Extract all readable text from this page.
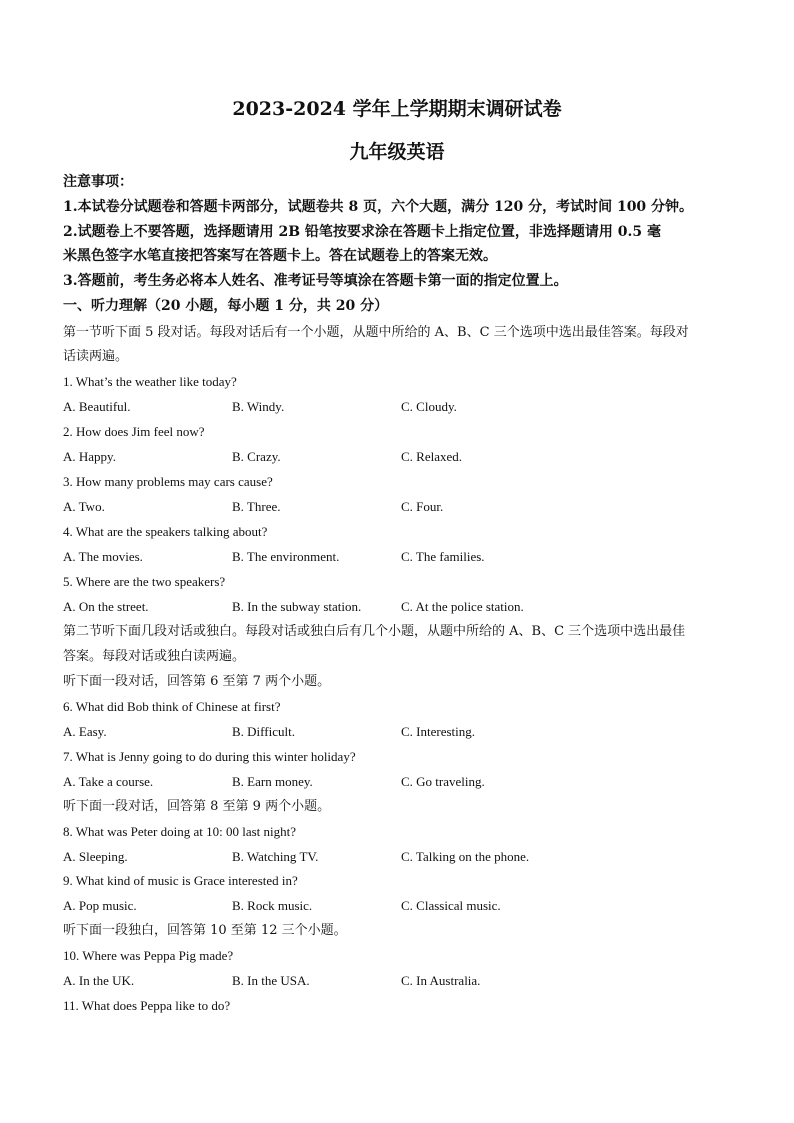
2023-2024 学年上学期期末调研试卷
九年级英语
注意事项：
1.本试卷分试题卷和答题卡两部分，试题卷共 8 页，六个大题，满分 120 分，考试时间 100 分钟。
2.试题卷上不要答题，选择题请用 2B 铅笔按要求涂在答题卡上指定位置，非选择题请用 0.5 毫
米黑色签字水笔直接把答案写在答题卡上。答在试题卷上的答案无效。
3.答题前，考生务必将本人姓名、准考证号等填涂在答题卡第一面的指定位置上。
一、听力理解（20 小题，每小题 1 分，共 20 分）
第一节听下面 5 段对话。每段对话后有一个小题，从题中所给的 A、B、C 三个选项中选出最佳答案。每段对
话读两遍。
1. What’s the weather like today?
A. Beautiful.	B. Windy.	C. Cloudy.
2. How does Jim feel now?
A. Happy.	B. Crazy.	C. Relaxed.
3. How many problems may cars cause?
A. Two.	B. Three.	C. Four.
4. What are the speakers talking about?
A. The movies.	B. The environment.	C. The families.
5. Where are the two speakers?
A. On the street.	B. In the subway station.	C. At the police station.
第二节听下面几段对话或独白。每段对话或独白后有几个小题，从题中所给的 A、B、C 三个选项中选出最佳
答案。每段对话或独白读两遍。
听下面一段对话，回答第 6 至第 7 两个小题。
6. What did Bob think of Chinese at first?
A. Easy.	B. Difficult.	C. Interesting.
7. What is Jenny going to do during this winter holiday?
A. Take a course.	B. Earn money.	C. Go traveling.
听下面一段对话，回答第 8 至第 9 两个小题。
8. What was Peter doing at 10: 00 last night?
A. Sleeping.	B. Watching TV.	C. Talking on the phone.
9. What kind of music is Grace interested in?
A. Pop music.	B. Rock music.	C. Classical music.
听下面一段独白，回答第 10 至第 12 三个小题。
10. Where was Peppa Pig made?
A. In the UK.	B. In the USA.	C. In Australia.
11. What does Peppa like to do?
